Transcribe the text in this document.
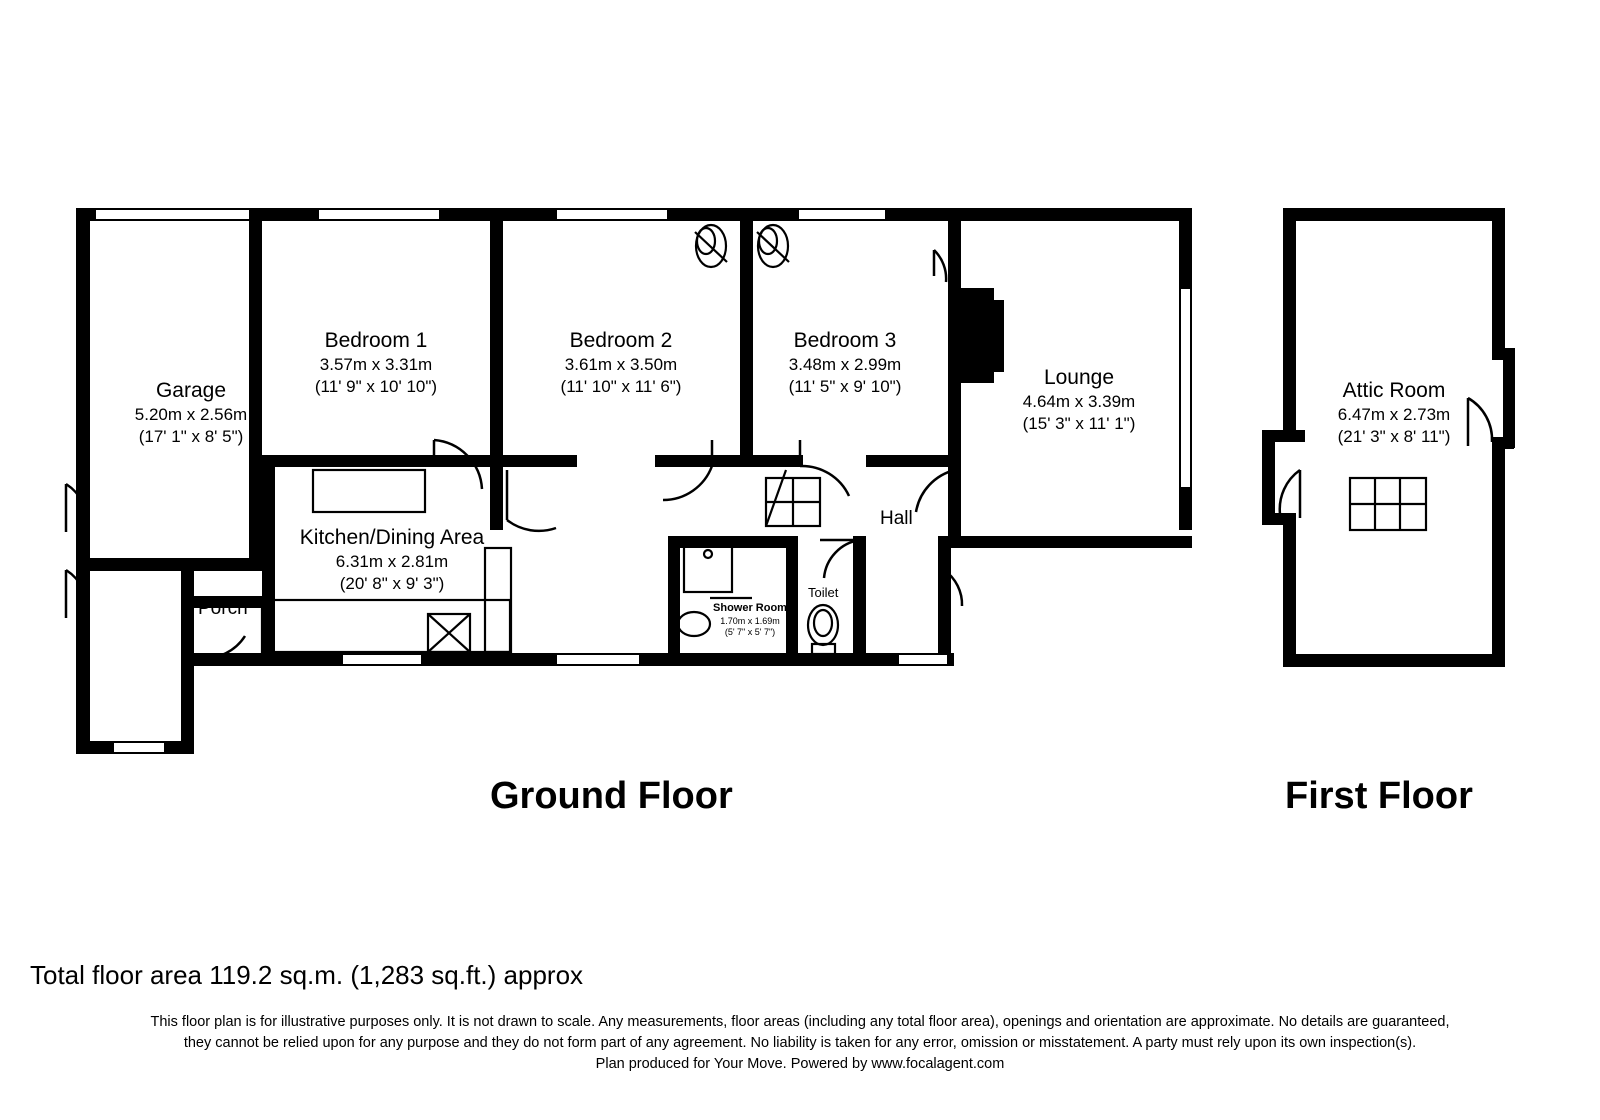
Garage
5.20m x 2.56m
(17' 1" x 8' 5")
Bedroom 1
3.57m x 3.31m
(11' 9" x 10' 10")
Bedroom 2
3.61m x 3.50m
(11' 10" x 11' 6")
Bedroom 3
3.48m x 2.99m
(11' 5" x 9' 10")	Lounge
4.64m x 3.39m
(15' 3" x 11' 1")
Kitchen/Dining Area
6.31m x 2.81m
(20' 8" x 9' 3")
Shower Room
1.70m x 1.69m
(5' 7" x 5' 7")
Hall
Porch
Toilet
Attic Room
6.47m x 2.73m
(21' 3" x 8' 11")
Ground Floor	First Floor
Total floor area 119.2 sq.m. (1,283 sq.ft.) approx
This floor plan is for illustrative purposes only. It is not drawn to scale. Any measurements, floor areas (including any total floor area), openings and orientation are approximate. No details are guaranteed,
they cannot be relied upon for any purpose and they do not form part of any agreement. No liability is taken for any error, omission or misstatement. A party must rely upon its own inspection(s).
Plan produced for Your Move. Powered by www.focalagent.com
